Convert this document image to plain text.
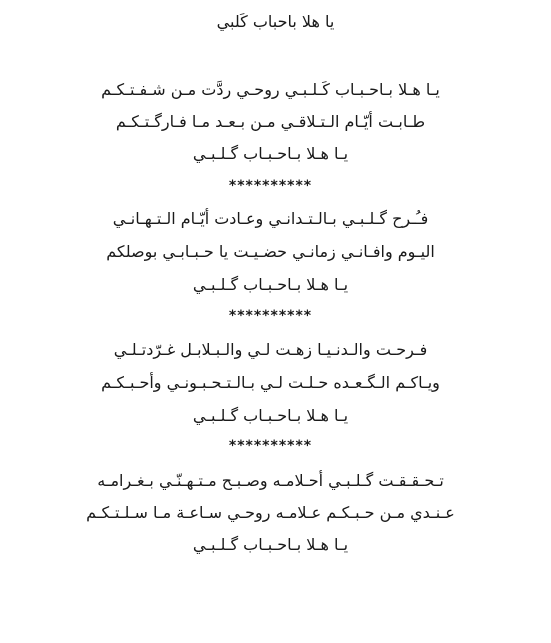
يا هلا باحباب كَلبي
يـا هـلا بـاحـبـاب كَـلـبـي روحـي ردَّت مـن شـفـتـكـم
طـابـت أيّـام الـتـلاقـي مـن بـعـد مـا فـارگـتـكـم
يـا هـلا بـاحـبـاب گـلـبـي
**********
فـُـرح گـلـبـي بـالـتـدانـي وعـادت أيّـام الـتـهـانـي
اليـوم وافـانـي زمانـي حضـيـت يا حـبـابـي بوصلكم
يـا هـلا بـاحـبـاب گـلـبـي
**********
فـرحـت والـدنـيـا زهـت لـي والـبـلابـل غـرّدتـلـي
ويـاكـم الـگـعـده حـلـت لـي بـالـتـحـبـونـي وأحـبـكـم
يـا هـلا بـاحـبـاب گـلـبـي
**********
تـحـقـقـت گـلـبـي أحـلامـه وصـبـح مـتـهـنّـي بـغـرامـه
عـنـدي مـن حـبـكـم عـلامـه روحـي سـاعـة مـا سـلـتـكـم
يـا هـلا بـاحـبـاب گـلـبـي
